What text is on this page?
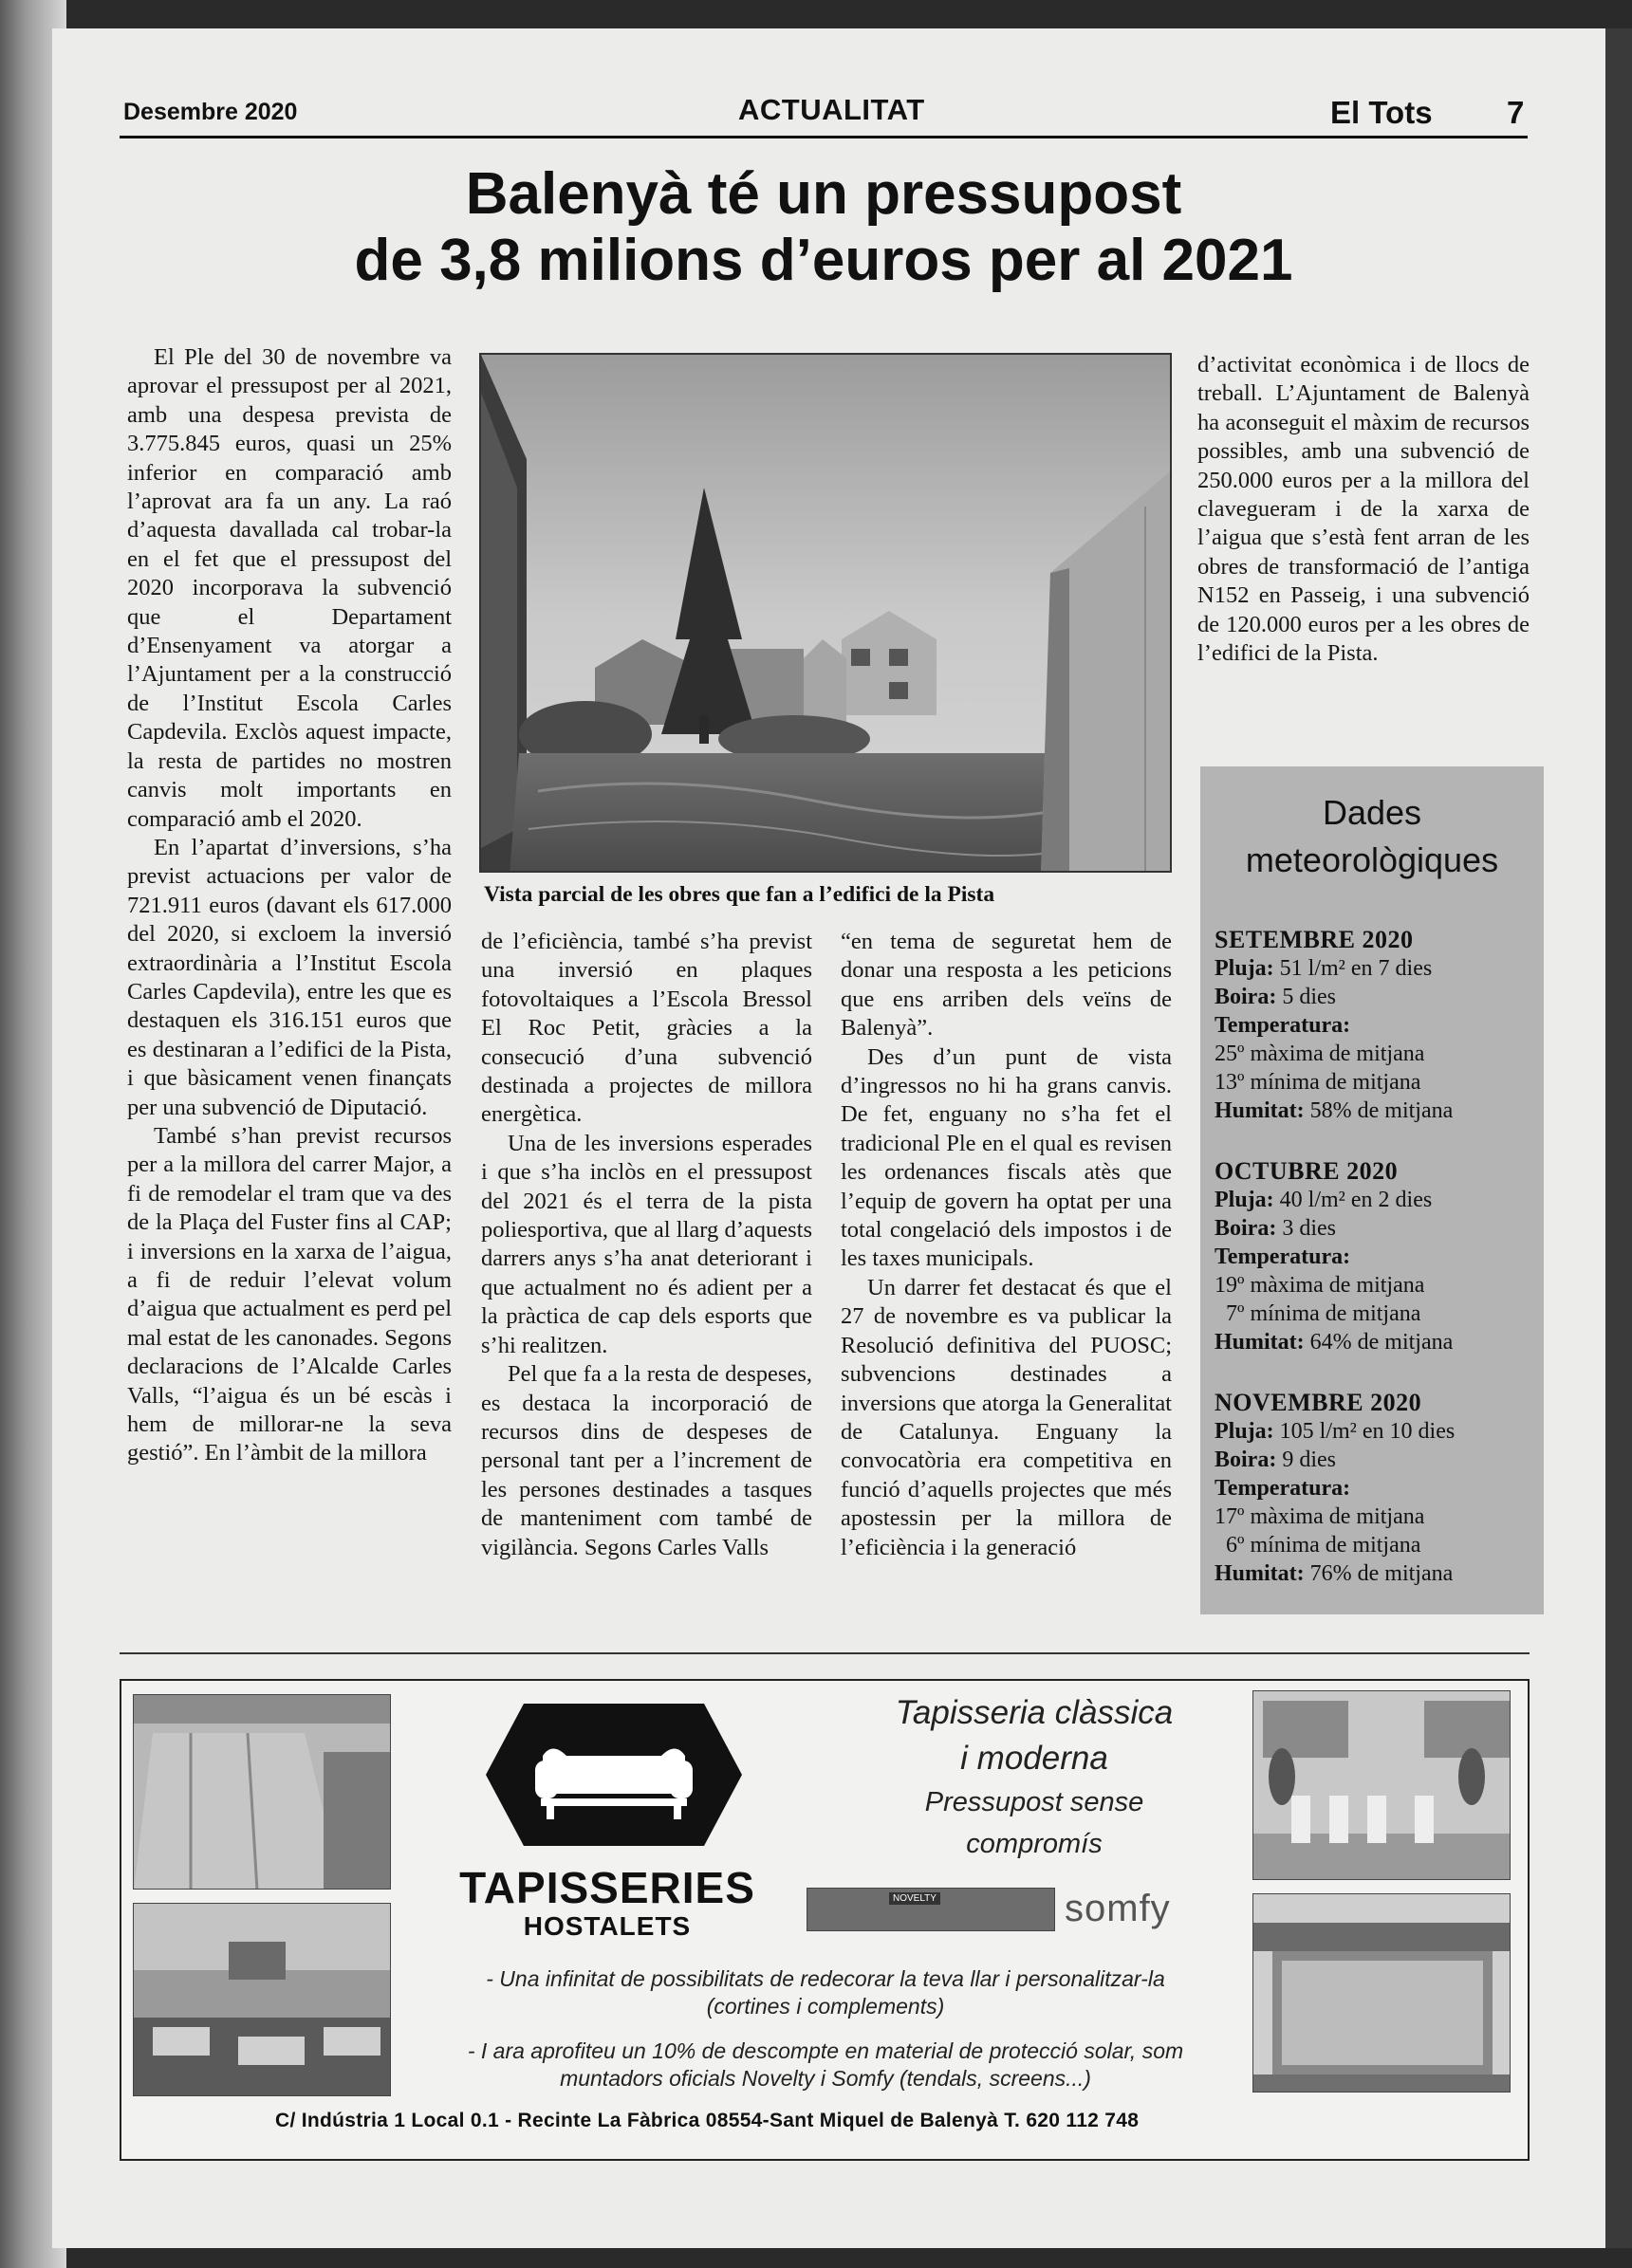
Desembre 2020	ACTUALITAT	El Tots 7
Balenyà té un pressupost
de 3,8 milions d’euros per al 2021

El Ple del 30 de novembre va aprovar el pressupost per al 2021, amb una despesa prevista de 3.775.845 euros, quasi un 25% inferior en comparació amb l’aprovat ara fa un any. La raó d’aquesta davallada cal trobar-la en el fet que el pressupost del 2020 incorporava la subvenció que el Departament d’Ensenyament va atorgar a l’Ajuntament per a la construcció de l’Institut Escola Carles Capdevila. Exclòs aquest impacte, la resta de partides no mostren canvis molt importants en comparació amb el 2020.

En l’apartat d’inversions, s’ha previst actuacions per valor de 721.911 euros (davant els 617.000 del 2020, si excloem la inversió extraordinària a l’Institut Escola Carles Capdevila), entre les que es destaquen els 316.151 euros que es destinaran a l’edifici de la Pista, i que bàsicament venen finançats per una subvenció de Diputació.

També s’han previst recursos per a la millora del carrer Major, a fi de remodelar el tram que va des de la Plaça del Fuster fins al CAP; i inversions en la xarxa de l’aigua, a fi de reduir l’elevat volum d’aigua que actualment es perd pel mal estat de les canonades. Segons declaracions de l’Alcalde Carles Valls, “l’aigua és un bé escàs i hem de millorar-ne la seva gestió”. En l’àmbit de la millora

Vista parcial de les obres que fan a l’edifici de la Pista

de l’eficiència, també s’ha previst una inversió en plaques fotovoltaiques a l’Escola Bressol El Roc Petit, gràcies a la consecució d’una subvenció destinada a projectes de millora energètica.

Una de les inversions esperades i que s’ha inclòs en el pressupost del 2021 és el terra de la pista poliesportiva, que al llarg d’aquests darrers anys s’ha anat deteriorant i que actualment no és adient per a la pràctica de cap dels esports que s’hi realitzen.

Pel que fa a la resta de despeses, es destaca la incorporació de recursos dins de despeses de personal tant per a l’increment de les persones destinades a tasques de manteniment com també de vigilància. Segons Carles Valls

“en tema de seguretat hem de donar una resposta a les peticions que ens arriben dels veïns de Balenyà”.

Des d’un punt de vista d’ingressos no hi ha grans canvis. De fet, enguany no s’ha fet el tradicional Ple en el qual es revisen les ordenances fiscals atès que l’equip de govern ha optat per una total congelació dels impostos i de les taxes municipals.

Un darrer fet destacat és que el 27 de novembre es va publicar la Resolució definitiva del PUOSC; subvencions destinades a inversions que atorga la Generalitat de Catalunya. Enguany la convocatòria era competitiva en funció d’aquells projectes que més apostessin per la millora de l’eficiència i la generació

d’activitat econòmica i de llocs de treball. L’Ajuntament de Balenyà ha aconseguit el màxim de recursos possibles, amb una subvenció de 250.000 euros per a la millora del clavegueram i de la xarxa de l’aigua que s’està fent arran de les obres de transformació de l’antiga N152 en Passeig, i una subvenció de 120.000 euros per a les obres de l’edifici de la Pista.

Dades
meteorològiques
SETEMBRE 2020
Pluja: 51 l/m² en 7 dies
Boira: 5 dies
Temperatura:
25º màxima de mitjana
13º mínima de mitjana
Humitat: 58% de mitjana
OCTUBRE 2020
Pluja: 40 l/m² en 2 dies
Boira: 3 dies
Temperatura:
19º màxima de mitjana
7º mínima de mitjana
Humitat: 64% de mitjana
NOVEMBRE 2020
Pluja: 105 l/m² en 10 dies
Boira: 9 dies
Temperatura:
17º màxima de mitjana
6º mínima de mitjana
Humitat: 76% de mitjana
TAPISSERIES
HOSTALETS
Tapisseria clàssica
i moderna
Pressupost sense
compromís
NOVELTY	somfy
- Una infinitat de possibilitats de redecorar la teva llar i personalitzar-la
(cortines i complements)
- I ara aprofiteu un 10% de descompte en material de protecció solar, som
muntadors oficials Novelty i Somfy (tendals, screens...)
C/ Indústria 1 Local 0.1 - Recinte La Fàbrica 08554-Sant Miquel de Balenyà T. 620 112 748
